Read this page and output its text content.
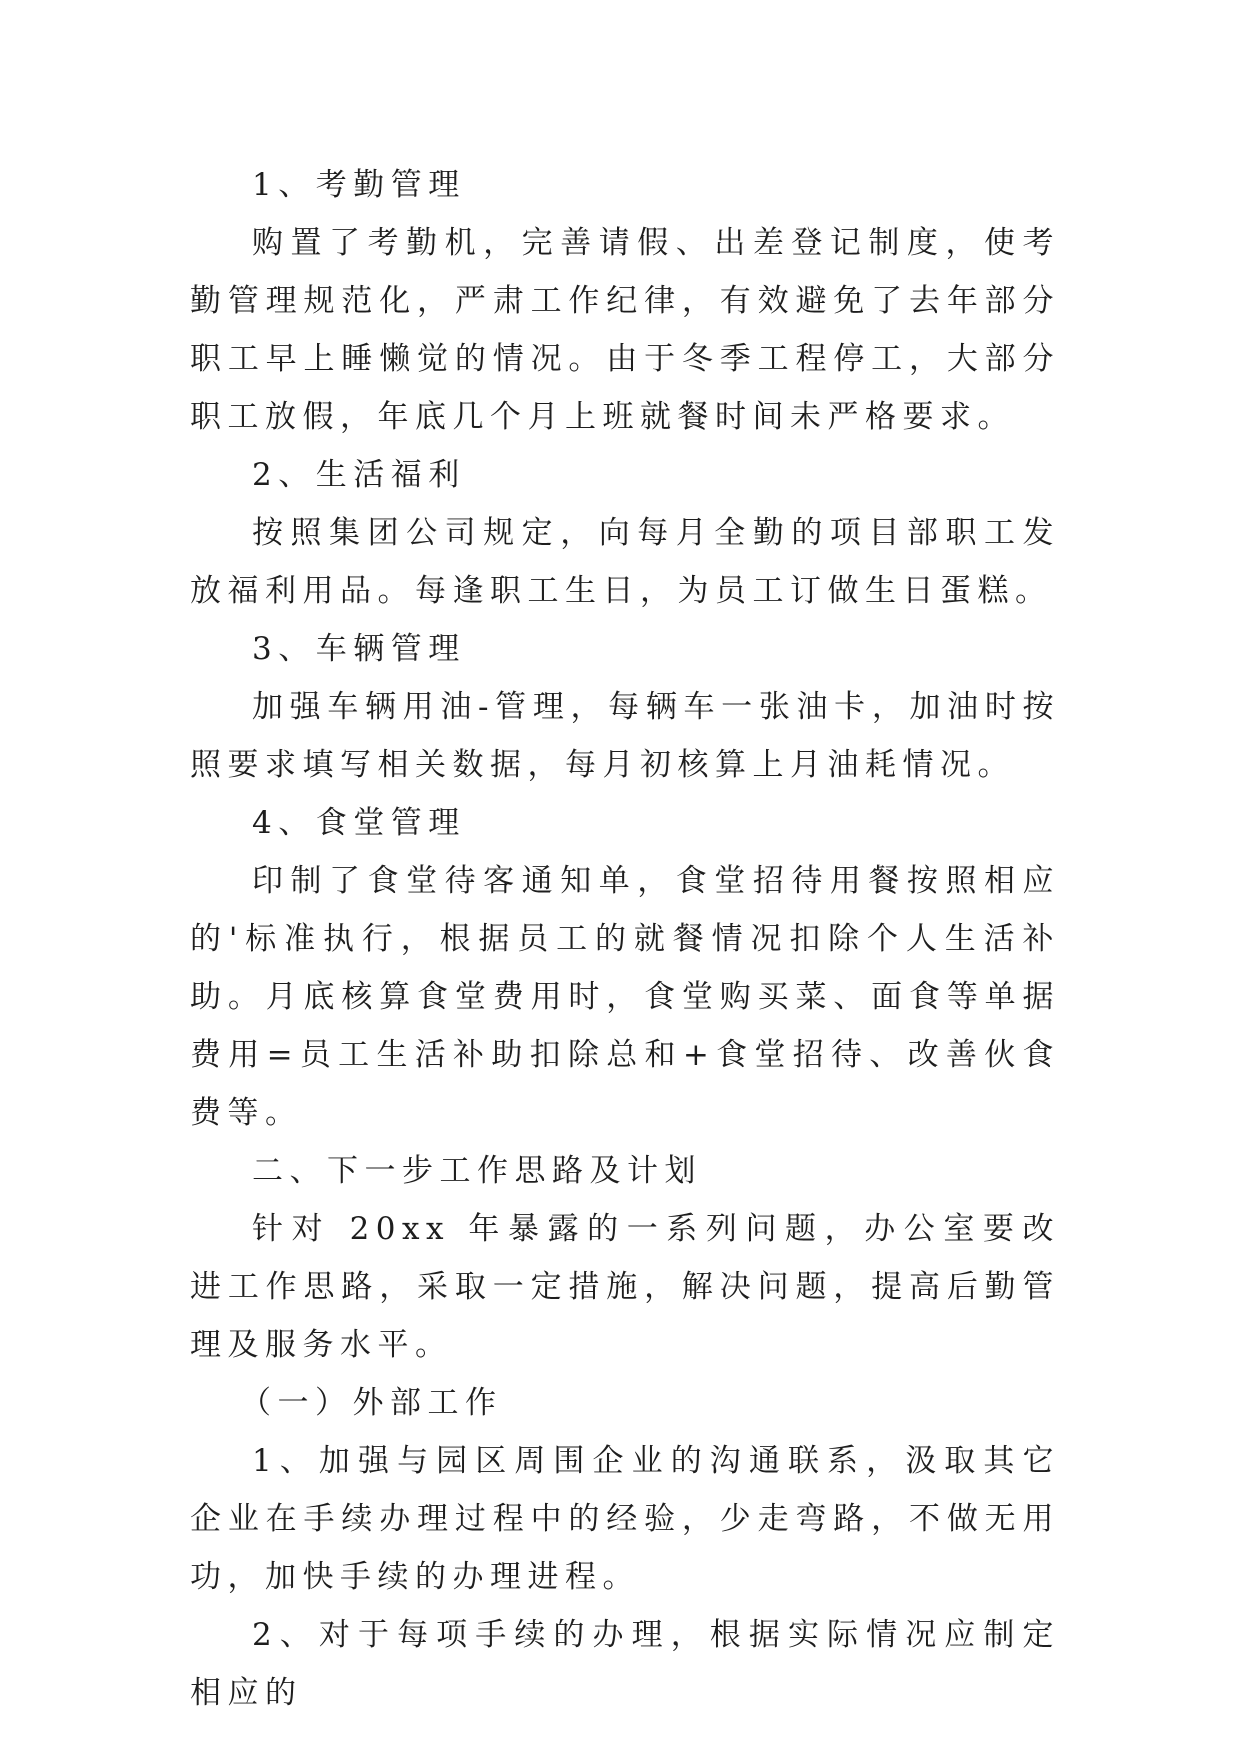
1、考勤管理

购置了考勤机，完善请假、出差登记制度，使考勤管理规范化，严肃工作纪律，有效避免了去年部分职工早上睡懒觉的情况。由于冬季工程停工，大部分职工放假，年底几个月上班就餐时间未严格要求。

2、生活福利

按照集团公司规定，向每月全勤的项目部职工发放福利用品。每逢职工生日，为员工订做生日蛋糕。

3、车辆管理

加强车辆用油-管理，每辆车一张油卡，加油时按照要求填写相关数据，每月初核算上月油耗情况。

4、食堂管理

印制了食堂待客通知单，食堂招待用餐按照相应的'标准执行，根据员工的就餐情况扣除个人生活补助。月底核算食堂费用时，食堂购买菜、面食等单据费用=员工生活补助扣除总和+食堂招待、改善伙食费等。

二、下一步工作思路及计划

针对 20xx 年暴露的一系列问题，办公室要改进工作思路，采取一定措施，解决问题，提高后勤管理及服务水平。

（一）外部工作

1、加强与园区周围企业的沟通联系，汲取其它企业在手续办理过程中的经验，少走弯路，不做无用功，加快手续的办理进程。

2、对于每项手续的办理，根据实际情况应制定相应的
